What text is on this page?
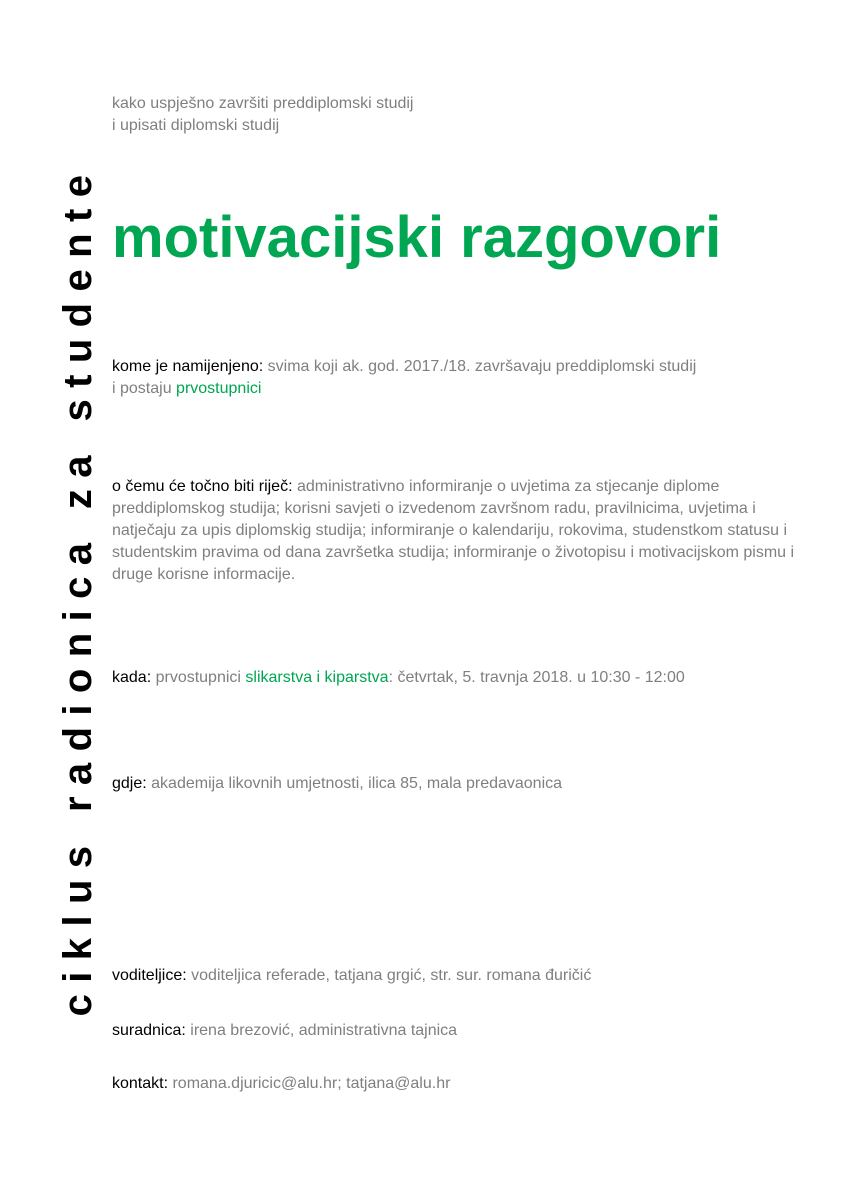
ciklus radionica za studente
kako uspješno završiti preddiplomski studij
i upisati diplomski studij
motivacijski razgovori
kome je namijenjeno: svima koji ak. god. 2017./18. završavaju preddiplomski studij
i postaju prvostupnici
o čemu će točno biti riječ: administrativno informiranje o uvjetima za stjecanje diplome preddiplomskog studija; korisni savjeti o izvedenom završnom radu, pravilnicima, uvjetima i natječaju za upis diplomskig studija; informiranje o kalendariju, rokovima, studenstkom statusu i studentskim pravima od dana završetka studija; informiranje o životopisu i motivacijskom pismu i druge korisne informacije.
kada: prvostupnici slikarstva i kiparstva: četvrtak, 5. travnja 2018. u 10:30 - 12:00
gdje: akademija likovnih umjetnosti, ilica 85, mala predavaonica
voditeljice: voditeljica referade, tatjana grgić, str. sur. romana đuričić
suradnica: irena brezović, administrativna tajnica
kontakt: romana.djuricic@alu.hr; tatjana@alu.hr
